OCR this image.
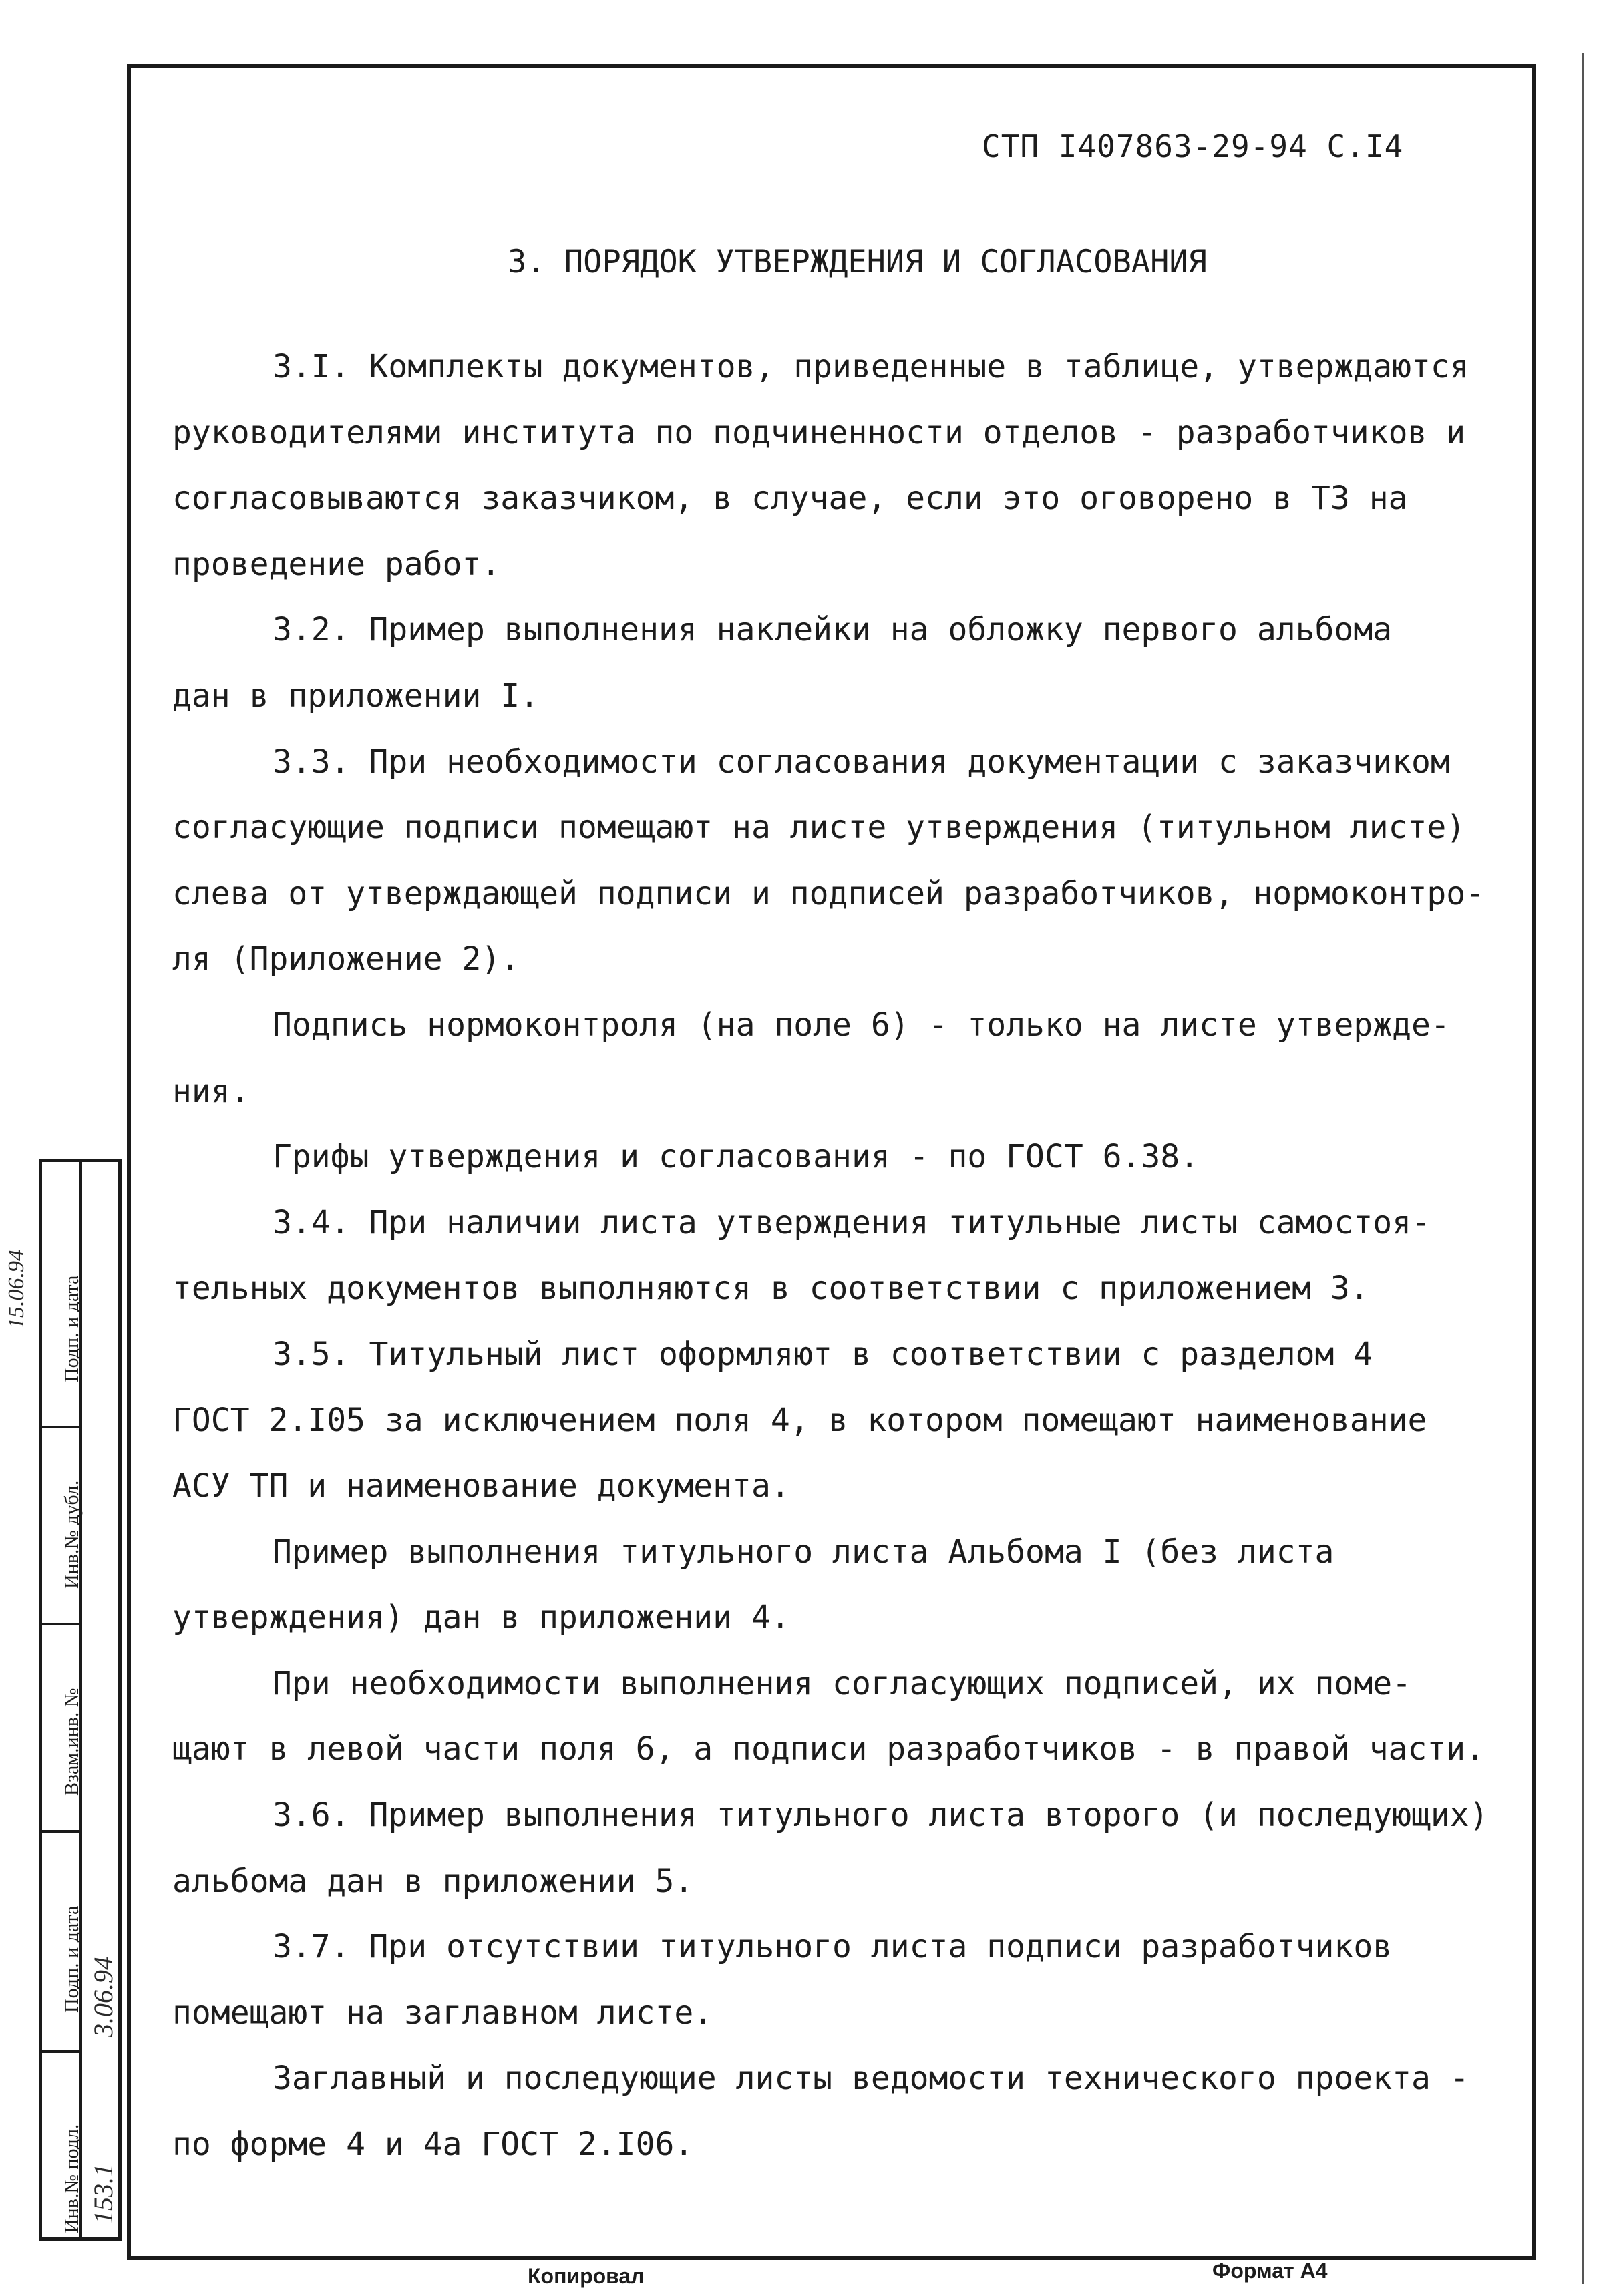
СТП I407863-29-94 С.I4
3. ПОРЯДОК УТВЕРЖДЕНИЯ И СОГЛАСОВАНИЯ
3.I. Комплекты документов, приведенные в таблице, утверждаются
руководителями института по подчиненности отделов - разработчиков и
согласовываются заказчиком, в случае, если это оговорено в ТЗ на
проведение работ.
3.2. Пример выполнения наклейки на обложку первого альбома
дан в приложении I.
3.3. При необходимости согласования документации с заказчиком
согласующие подписи помещают на листе утверждения (титульном листе)
слева от утверждающей подписи и подписей разработчиков, нормоконтро-
ля (Приложение 2).
Подпись нормоконтроля (на поле 6) - только на листе утвержде-
ния.
Грифы утверждения и согласования - по ГОСТ 6.38.
3.4. При наличии листа утверждения титульные листы самостоя-
тельных документов выполняются в соответствии с приложением 3.
3.5. Титульный лист оформляют в соответствии с разделом 4
ГОСТ 2.I05 за исключением поля 4, в котором помещают наименование
АСУ ТП и наименование документа.
Пример выполнения титульного листа Альбома I (без листа
утверждения) дан в приложении 4.
При необходимости выполнения согласующих подписей, их поме-
щают в левой части поля 6, а подписи разработчиков - в правой части.
3.6. Пример выполнения титульного листа второго (и последующих)
альбома дан в приложении 5.
3.7. При отсутствии титульного листа подписи разработчиков
помещают на заглавном листе.
Заглавный и последующие листы ведомости технического проекта -
по форме 4 и 4а ГОСТ 2.I06.
Подп. и дата
Инв.№ дубл.
Взам.инв. №
Подп. и дата
Инв.№ подл.
3.06.94
153.1
15.06.94
Копировал	Формат А4
